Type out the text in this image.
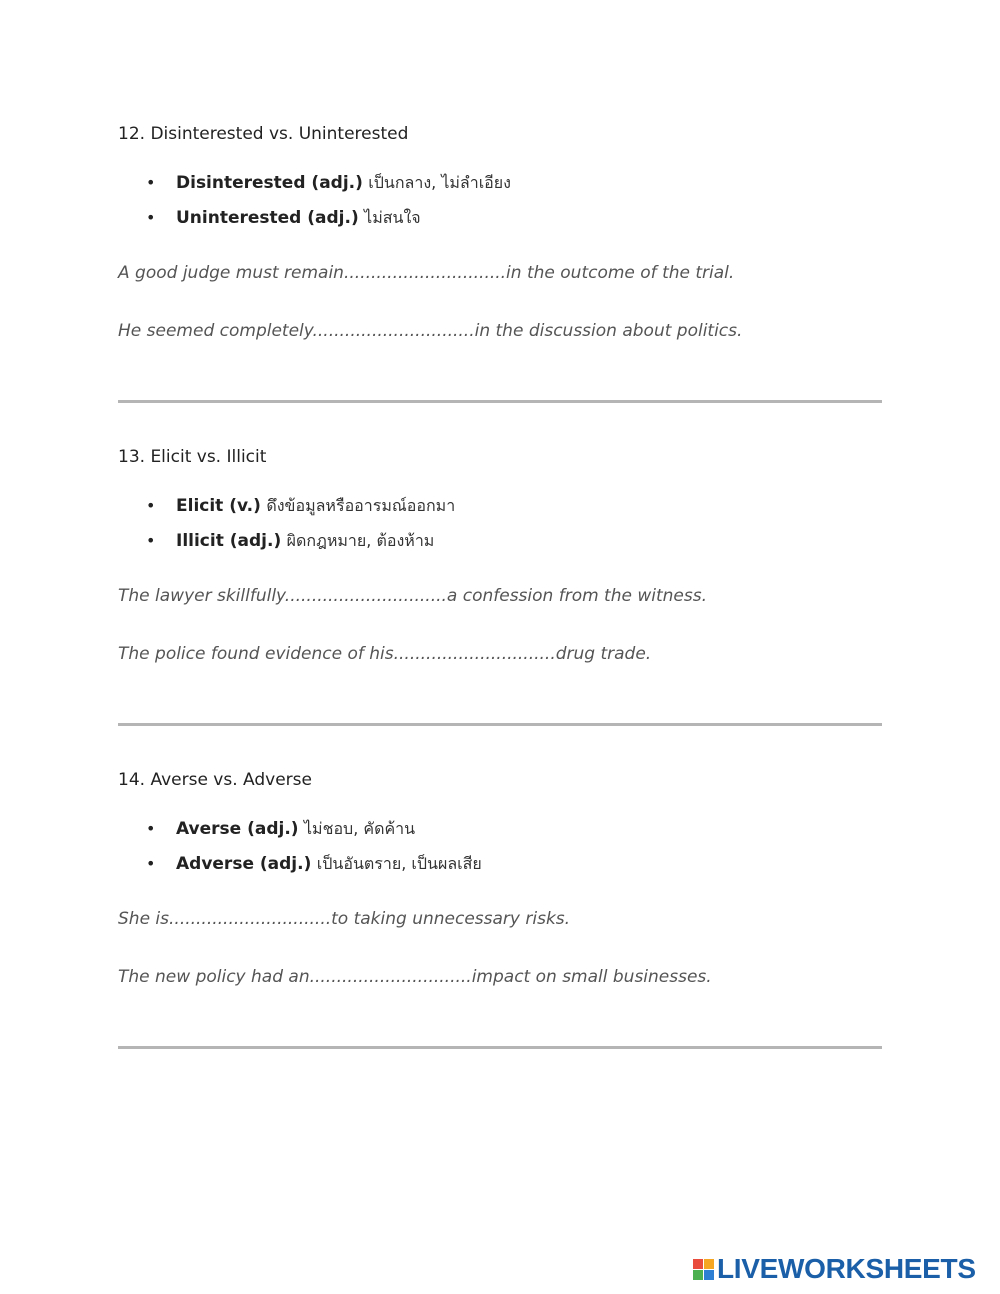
12. Disinterested vs. Uninterested
• Disinterested (adj.) เป็นกลาง, ไม่ลำเอียง
• Uninterested (adj.) ไม่สนใจ
A good judge must remain..............................in the outcome of the trial.
He seemed completely..............................in the discussion about politics.
13. Elicit vs. Illicit
• Elicit (v.) ดึงข้อมูลหรืออารมณ์ออกมา
• Illicit (adj.) ผิดกฎหมาย, ต้องห้าม
The lawyer skillfully..............................a confession from the witness.
The police found evidence of his..............................drug trade.
14. Averse vs. Adverse
• Averse (adj.) ไม่ชอบ, คัดค้าน
• Adverse (adj.) เป็นอันตราย, เป็นผลเสีย
She is..............................to taking unnecessary risks.
The new policy had an..............................impact on small businesses.
LIVEWORKSHEETS
